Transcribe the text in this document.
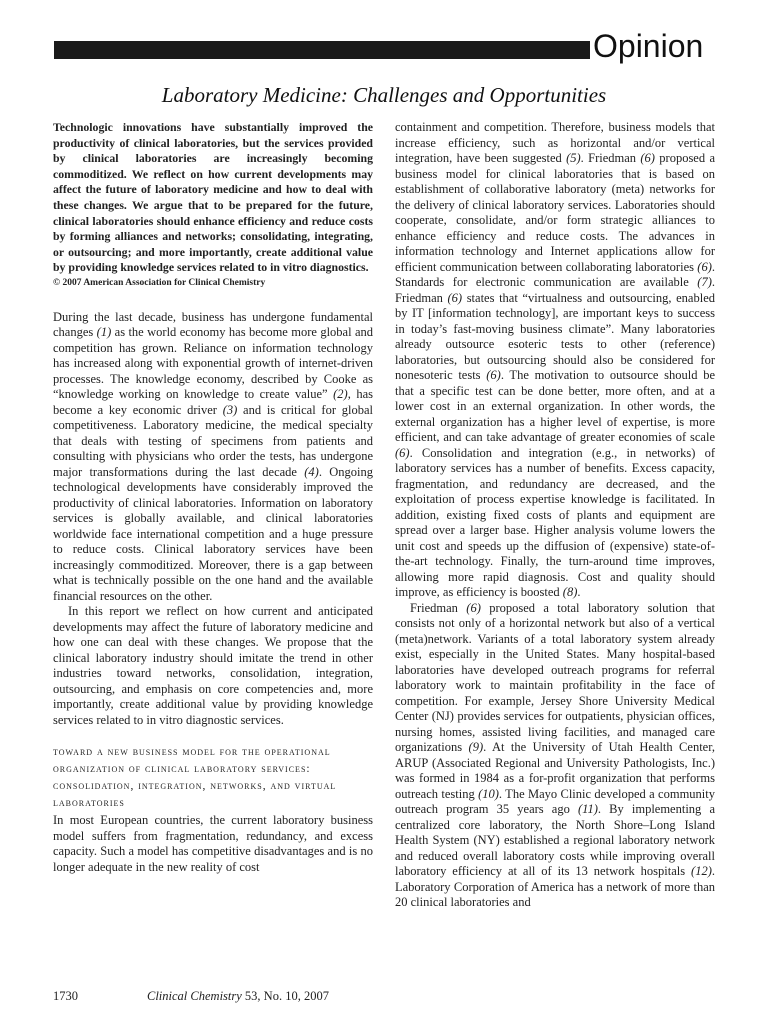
Opinion
Laboratory Medicine: Challenges and Opportunities

Technologic innovations have substantially improved the productivity of clinical laboratories, but the services provided by clinical laboratories are increasingly becoming commoditized. We reflect on how current developments may affect the future of laboratory medicine and how to deal with these changes. We argue that to be prepared for the future, clinical laboratories should enhance efficiency and reduce costs by forming alliances and networks; consolidating, integrating, or outsourcing; and more importantly, create additional value by providing knowledge services related to in vitro diagnostics.

© 2007 American Association for Clinical Chemistry

During the last decade, business has undergone fundamental changes (1) as the world economy has become more global and competition has grown. Reliance on information technology has increased along with exponential growth of internet-driven processes. The knowledge economy, described by Cooke as “knowledge working on knowledge to create value” (2), has become a key economic driver (3) and is critical for global competitiveness. Laboratory medicine, the medical specialty that deals with testing of specimens from patients and consulting with physicians who order the tests, has undergone major transformations during the last decade (4). Ongoing technological developments have considerably improved the productivity of clinical laboratories. Information on laboratory services is globally available, and clinical laboratories worldwide face international competition and a huge pressure to reduce costs. Clinical laboratory services have been increasingly commoditized. Moreover, there is a gap between what is technically possible on the one hand and the available financial resources on the other.

In this report we reflect on how current and anticipated developments may affect the future of laboratory medicine and how one can deal with these changes. We propose that the clinical laboratory industry should imitate the trend in other industries toward networks, consolidation, integration, outsourcing, and emphasis on core competencies and, more importantly, create additional value by providing knowledge services related to in vitro diagnostic services.

toward a new business model for the operational organization of clinical laboratory services: consolidation, integration, networks, and virtual laboratories

In most European countries, the current laboratory business model suffers from fragmentation, redundancy, and excess capacity. Such a model has competitive disadvantages and is no longer adequate in the new reality of cost

containment and competition. Therefore, business models that increase efficiency, such as horizontal and/or vertical integration, have been suggested (5). Friedman (6) proposed a business model for clinical laboratories that is based on establishment of collaborative laboratory (meta) networks for the delivery of clinical laboratory services. Laboratories should cooperate, consolidate, and/or form strategic alliances to enhance efficiency and reduce costs. The advances in information technology and Internet applications allow for efficient communication between collaborating laboratories (6). Standards for electronic communication are available (7). Friedman (6) states that “virtualness and outsourcing, enabled by IT [information technology], are important keys to success in today’s fast-moving business climate”. Many laboratories already outsource esoteric tests to other (reference) laboratories, but outsourcing should also be considered for nonesoteric tests (6). The motivation to outsource should be that a specific test can be done better, more often, and at a lower cost in an external organization. In other words, the external organization has a higher level of expertise, is more efficient, and can take advantage of greater economies of scale (6). Consolidation and integration (e.g., in networks) of laboratory services has a number of benefits. Excess capacity, fragmentation, and redundancy are decreased, and the exploitation of process expertise knowledge is facilitated. In addition, existing fixed costs of plants and equipment are spread over a larger base. Higher analysis volume lowers the unit cost and speeds up the diffusion of (expensive) state-of-the-art technology. Finally, the turn-around time improves, allowing more rapid diagnosis. Cost and quality should improve, as efficiency is boosted (8).

Friedman (6) proposed a total laboratory solution that consists not only of a horizontal network but also of a vertical (meta)network. Variants of a total laboratory system already exist, especially in the United States. Many hospital-based laboratories have developed outreach programs for referral laboratory work to maintain profitability in the face of competition. For example, Jersey Shore University Medical Center (NJ) provides services for outpatients, physician offices, nursing homes, assisted living facilities, and managed care organizations (9). At the University of Utah Health Center, ARUP (Associated Regional and University Pathologists, Inc.) was formed in 1984 as a for-profit organization that performs outreach testing (10). The Mayo Clinic developed a community outreach program 35 years ago (11). By implementing a centralized core laboratory, the North Shore–Long Island Health System (NY) established a regional laboratory network and reduced overall laboratory costs while improving overall laboratory efficiency at all of its 13 network hospitals (12). Laboratory Corporation of America has a network of more than 20 clinical laboratories and

1730	Clinical Chemistry 53, No. 10, 2007
